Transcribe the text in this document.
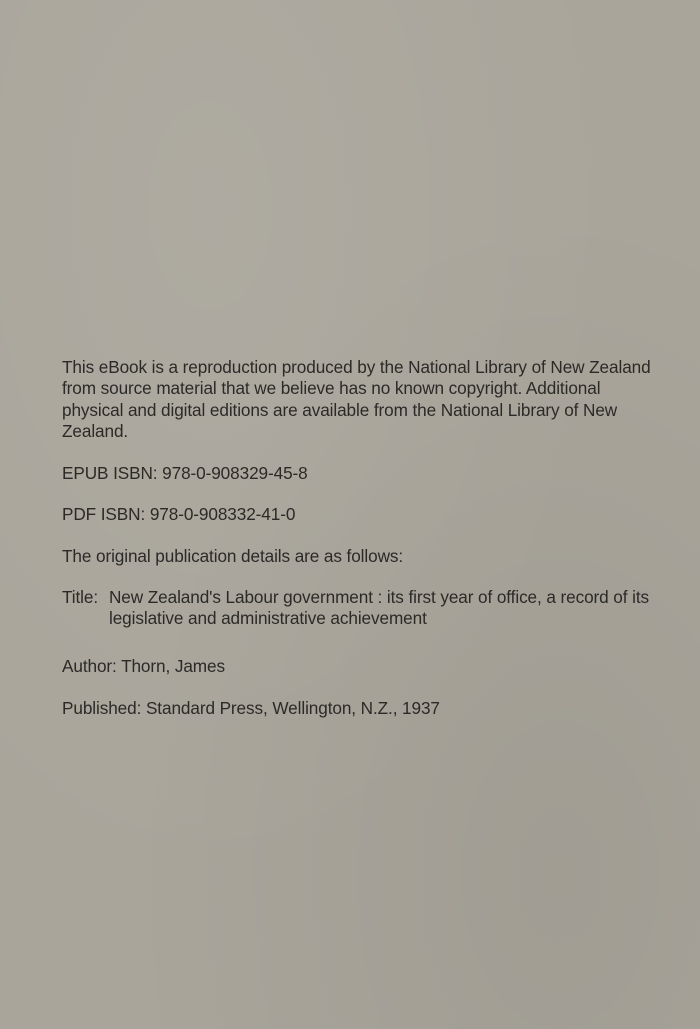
This eBook is a reproduction produced by the National Library of New Zealand from source material that we believe has no known copyright. Additional physical and digital editions are available from the National Library of New Zealand.

EPUB ISBN: 978-0-908329-45-8

PDF ISBN: 978-0-908332-41-0

The original publication details are as follows:

Title: New Zealand's Labour government : its first year of office, a record of its legislative and administrative achievement

Author: Thorn, James

Published: Standard Press, Wellington, N.Z., 1937
